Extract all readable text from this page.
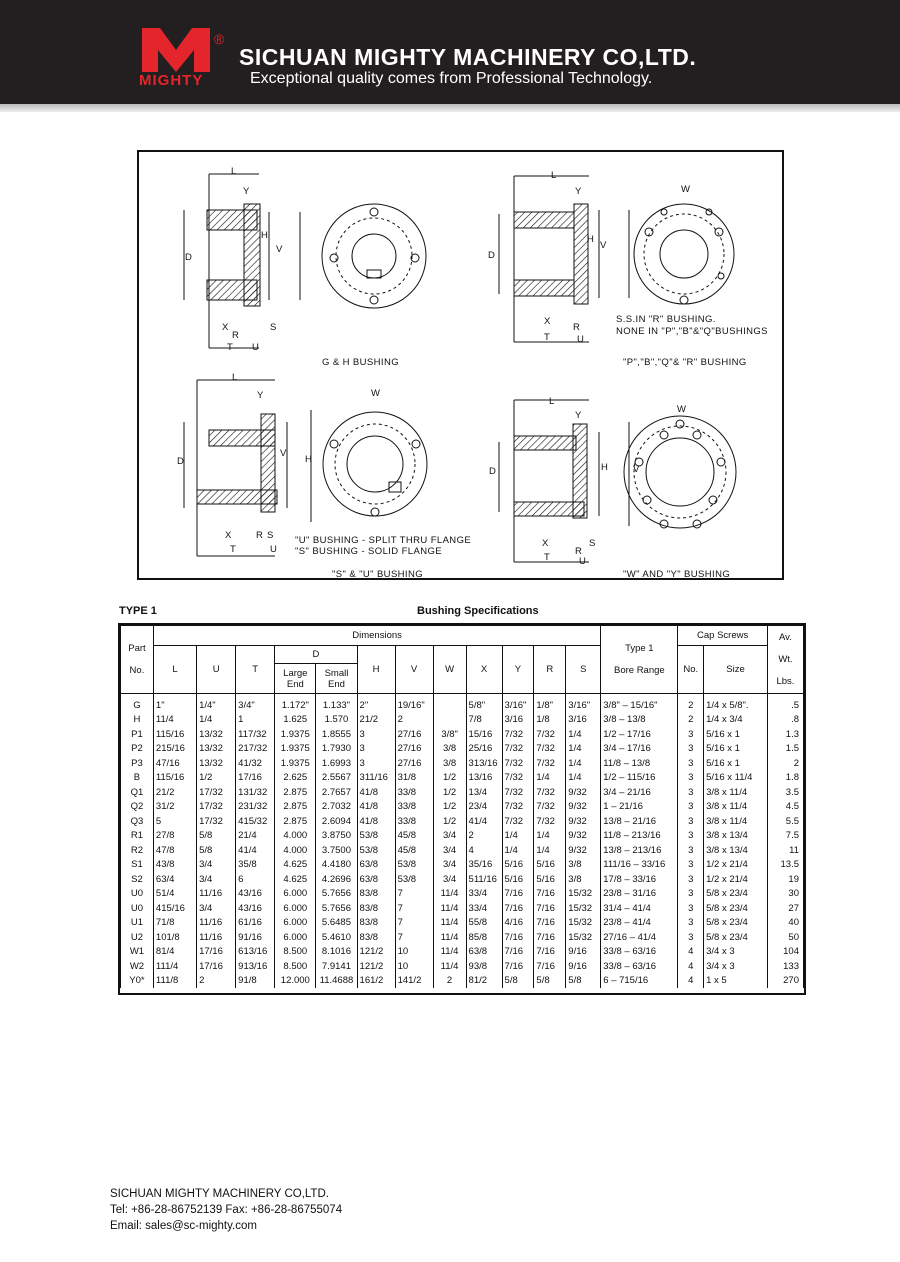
®
MIGHTY
SICHUAN MIGHTY MACHINERY CO,LTD.
Exceptional quality comes from Professional Technology.
L
Y
H
V
D
X
R
S
T U
L
Y	W
H
V
D
X
R
U
T
S.S.IN "R" BUSHING.
NONE IN "P","B"&"Q"BUSHINGS
L
Y	W
V
H
D
X	R S
T	U
"U" BUSHING - SPLIT THRU FLANGE
"S" BUSHING - SOLID FLANGE
L
Y
W
H	V
D
X
R
S
T	U
G & H BUSHING	"P","B","Q"& "R" BUSHING
"S" & "U" BUSHING	"W" AND "Y" BUSHING
TYPE 1	Bushing Specifications
Part

No.	Dimensions												Type 1

Bore Range	Cap Screws		Av.

Wt.

Lbs.
	L	U	T	D		H	V	W	X	Y	R	S		No.	Size	
				Large End	Small End											
G	1"	1/4"	3/4"	1.172"	1.133"	2"	19/16"		5/8"	3/16"	1/8"	3/16"	3/8" – 15/16"	2	1/4 x 5/8".	.5
H	11/4	1/4	1	1.625	1.570	21/2	2		7/8	3/16	1/8	3/16	3/8 – 13/8	2	1/4 x 3/4	.8
P1	115/16	13/32	117/32	1.9375	1.8555	3	27/16	3/8"	15/16	7/32	7/32	1/4	1/2 – 17/16	3	5/16 x 1	1.3
P2	215/16	13/32	217/32	1.9375	1.7930	3	27/16	3/8	25/16	7/32	7/32	1/4	3/4 – 17/16	3	5/16 x 1	1.5
P3	47/16	13/32	41/32	1.9375	1.6993	3	27/16	3/8	313/16	7/32	7/32	1/4	11/8 – 13/8	3	5/16 x 1	2
B	115/16	1/2	17/16	2.625	2.5567	311/16	31/8	1/2	13/16	7/32	1/4	1/4	1/2 – 115/16	3	5/16 x 11/4	1.8
Q1	21/2	17/32	131/32	2.875	2.7657	41/8	33/8	1/2	13/4	7/32	7/32	9/32	3/4 – 21/16	3	3/8 x 11/4	3.5
Q2	31/2	17/32	231/32	2.875	2.7032	41/8	33/8	1/2	23/4	7/32	7/32	9/32	1 – 21/16	3	3/8 x 11/4	4.5
Q3	5	17/32	415/32	2.875	2.6094	41/8	33/8	1/2	41/4	7/32	7/32	9/32	13/8 – 21/16	3	3/8 x 11/4	5.5
R1	27/8	5/8	21/4	4.000	3.8750	53/8	45/8	3/4	2	1/4	1/4	9/32	11/8 – 213/16	3	3/8 x 13/4	7.5
R2	47/8	5/8	41/4	4.000	3.7500	53/8	45/8	3/4	4	1/4	1/4	9/32	13/8 – 213/16	3	3/8 x 13/4	11
S1	43/8	3/4	35/8	4.625	4.4180	63/8	53/8	3/4	35/16	5/16	5/16	3/8	111/16 – 33/16	3	1/2 x 21/4	13.5
S2	63/4	3/4	6	4.625	4.2696	63/8	53/8	3/4	511/16	5/16	5/16	3/8	17/8 – 33/16	3	1/2 x 21/4	19
U0	51/4	11/16	43/16	6.000	5.7656	83/8	7	11/4	33/4	7/16	7/16	15/32	23/8 – 31/16	3	5/8 x 23/4	30
U0	415/16	3/4	43/16	6.000	5.7656	83/8	7	11/4	33/4	7/16	7/16	15/32	31/4 – 41/4	3	5/8 x 23/4	27
U1	71/8	11/16	61/16	6.000	5.6485	83/8	7	11/4	55/8	4/16	7/16	15/32	23/8 – 41/4	3	5/8 x 23/4	40
U2	101/8	11/16	91/16	6.000	5.4610	83/8	7	11/4	85/8	7/16	7/16	15/32	27/16 – 41/4	3	5/8 x 23/4	50
W1	81/4	17/16	613/16	8.500	8.1016	121/2	10	11/4	63/8	7/16	7/16	9/16	33/8 – 63/16	4	3/4 x 3	104
W2	111/4	17/16	913/16	8.500	7.9141	121/2	10	11/4	93/8	7/16	7/16	9/16	33/8 – 63/16	4	3/4 x 3	133
Y0*	111/8	2	91/8	12.000	11.4688	161/2	141/2	2	81/2	5/8	5/8	5/8	6 – 715/16	4	1 x 5	270
SICHUAN MIGHTY MACHINERY CO,LTD.
Tel: +86-28-86752139 Fax: +86-28-86755074
Email: sales@sc-mighty.com
